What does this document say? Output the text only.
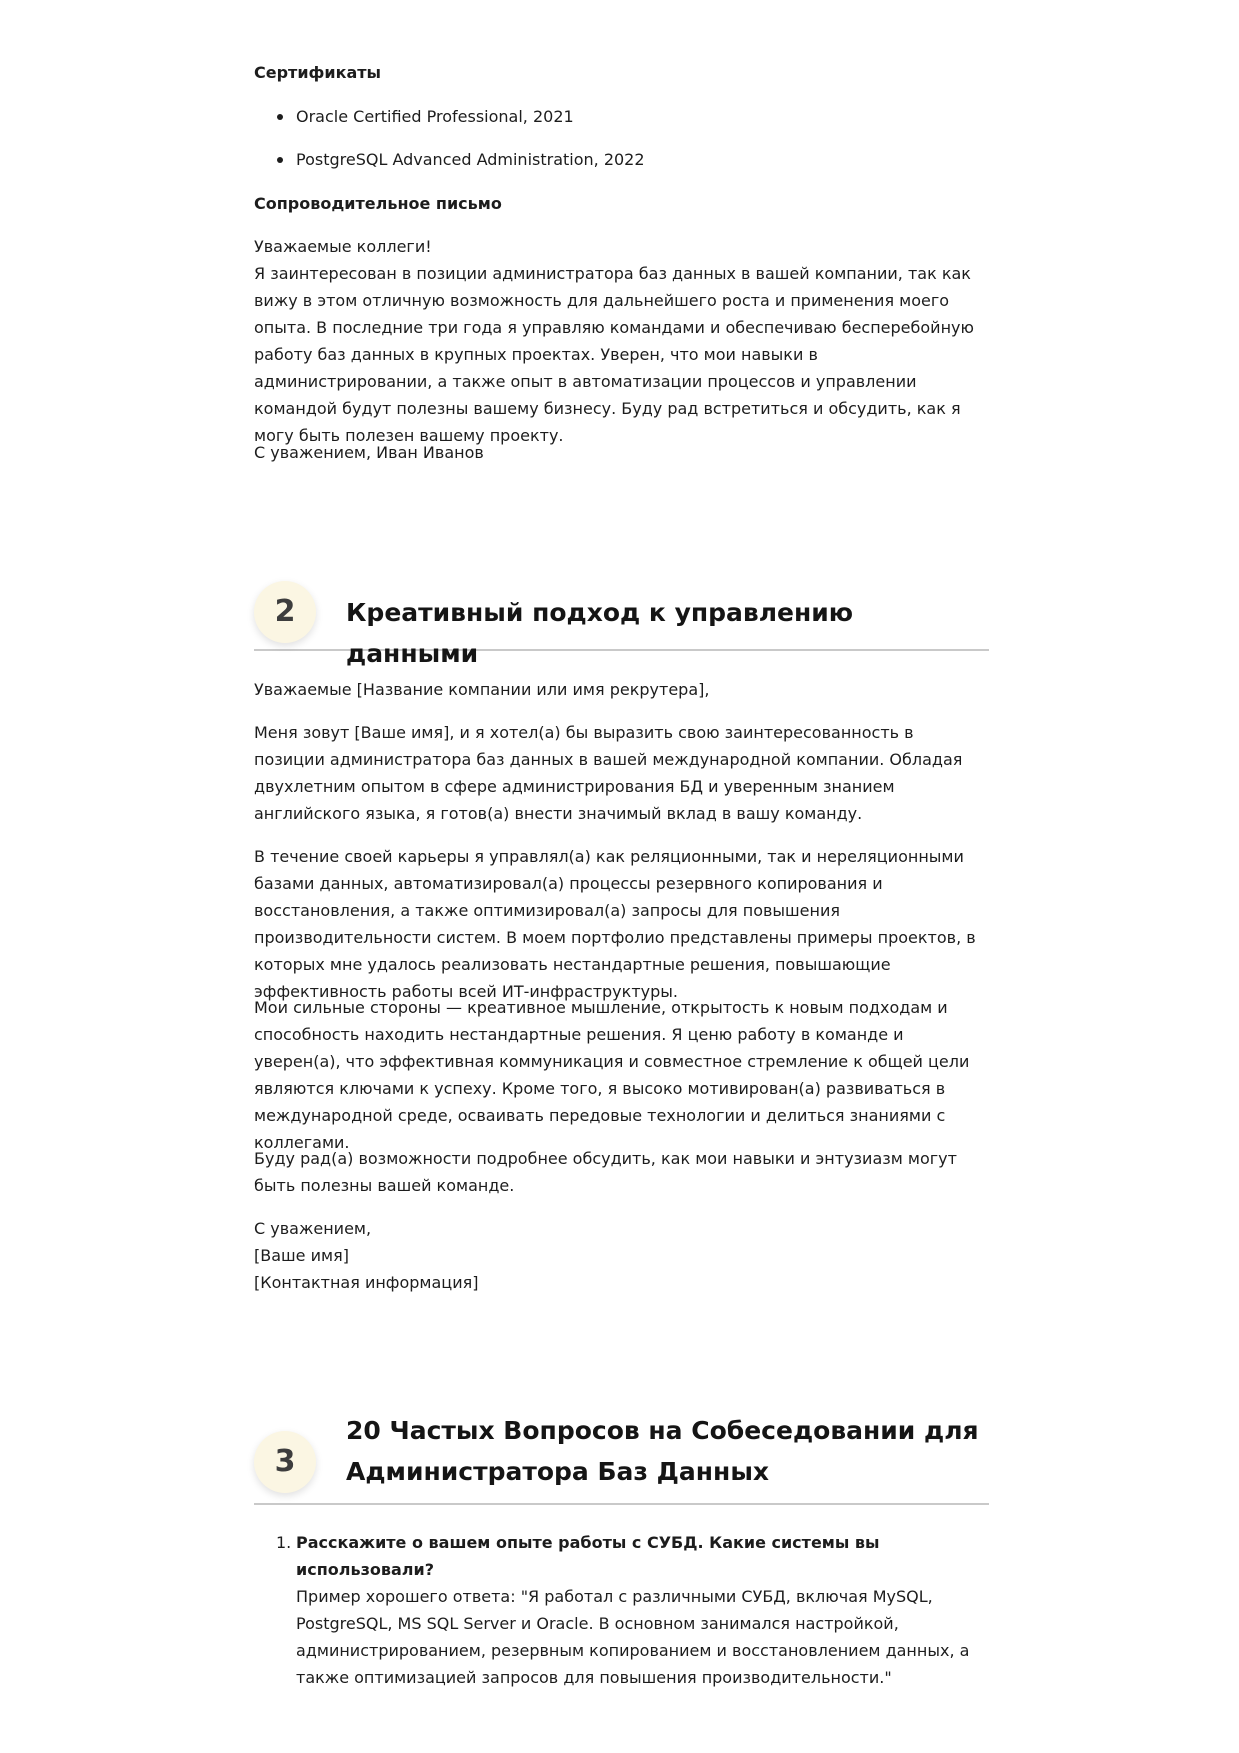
Сертификаты
Oracle Certified Professional, 2021
PostgreSQL Advanced Administration, 2022
Сопроводительное письмо

Уважаемые коллеги!

Я заинтересован в позиции администратора баз данных в вашей компании, так как вижу в этом отличную возможность для дальнейшего роста и применения моего опыта. В последние три года я управляю командами и обеспечиваю бесперебойную работу баз данных в крупных проектах. Уверен, что мои навыки в администрировании, а также опыт в автоматизации процессов и управлении командой будут полезны вашему бизнесу. Буду рад встретиться и обсудить, как я могу быть полезен вашему проекту.

С уважением, Иван Иванов

2	Креативный подход к управлению данными

Уважаемые [Название компании или имя рекрутера],

Меня зовут [Ваше имя], и я хотел(а) бы выразить свою заинтересованность в позиции администратора баз данных в вашей международной компании. Обладая двухлетним опытом в сфере администрирования БД и уверенным знанием английского языка, я готов(а) внести значимый вклад в вашу команду.

В течение своей карьеры я управлял(а) как реляционными, так и нереляционными базами данных, автоматизировал(а) процессы резервного копирования и восстановления, а также оптимизировал(а) запросы для повышения производительности систем. В моем портфолио представлены примеры проектов, в которых мне удалось реализовать нестандартные решения, повышающие эффективность работы всей ИТ-инфраструктуры.

Мои сильные стороны — креативное мышление, открытость к новым подходам и способность находить нестандартные решения. Я ценю работу в команде и уверен(а), что эффективная коммуникация и совместное стремление к общей цели являются ключами к успеху. Кроме того, я высоко мотивирован(а) развиваться в международной среде, осваивать передовые технологии и делиться знаниями с коллегами.

Буду рад(а) возможности подробнее обсудить, как мои навыки и энтузиазм могут быть полезны вашей команде.

С уважением,

[Ваше имя]

[Контактная информация]

3
20 Частых Вопросов на Собеседовании для Администратора Баз Данных
1. Расскажите о вашем опыте работы с СУБД. Какие системы вы использовали?
Пример хорошего ответа: "Я работал с различными СУБД, включая MySQL, PostgreSQL, MS SQL Server и Oracle. В основном занимался настройкой, администрированием, резервным копированием и восстановлением данных, а также оптимизацией запросов для повышения производительности."
